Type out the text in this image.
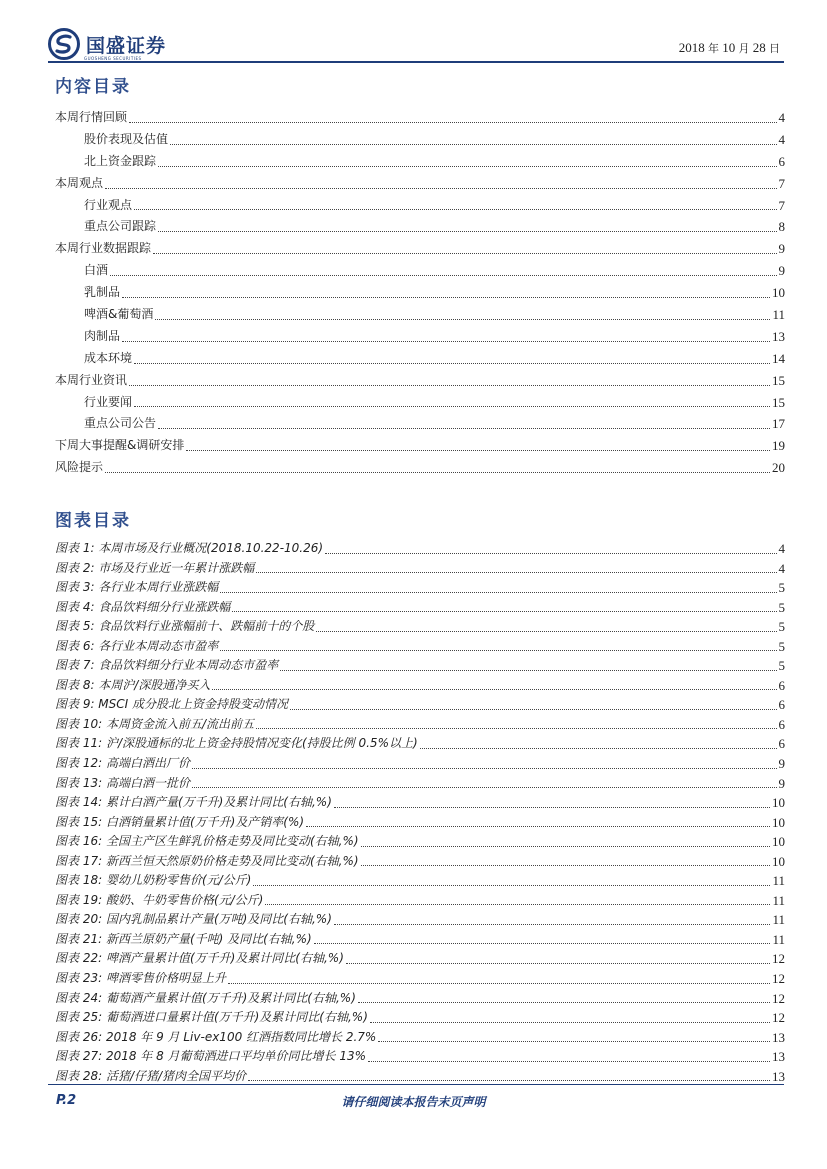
国盛证券
GUOSHENG SECURITIES
2018 年 10 月 28 日
内容目录
本周行情回顾	4
股价表现及估值	4
北上资金跟踪	6
本周观点	7
行业观点	7
重点公司跟踪	8
本周行业数据跟踪	9
白酒	9
乳制品	10
啤酒&葡萄酒	11
肉制品	13
成本环境	14
本周行业资讯	15
行业要闻	15
重点公司公告	17
下周大事提醒&调研安排	19
风险提示	20
图表目录
图表 1: 本周市场及行业概况(2018.10.22-10.26)	4
图表 2: 市场及行业近一年累计涨跌幅	4
图表 3: 各行业本周行业涨跌幅	5
图表 4: 食品饮料细分行业涨跌幅	5
图表 5: 食品饮料行业涨幅前十、跌幅前十的个股	5
图表 6: 各行业本周动态市盈率	5
图表 7: 食品饮料细分行业本周动态市盈率	5
图表 8: 本周沪/深股通净买入	6
图表 9: MSCI 成分股北上资金持股变动情况	6
图表 10: 本周资金流入前五/流出前五	6
图表 11: 沪/深股通标的北上资金持股情况变化(持股比例 0.5%以上)	6
图表 12: 高端白酒出厂价	9
图表 13: 高端白酒一批价	9
图表 14: 累计白酒产量(万千升)及累计同比(右轴,%)	10
图表 15: 白酒销量累计值(万千升)及产销率(%)	10
图表 16: 全国主产区生鲜乳价格走势及同比变动(右轴,%)	10
图表 17: 新西兰恒天然原奶价格走势及同比变动(右轴,%)	10
图表 18: 婴幼儿奶粉零售价(元/公斤)	11
图表 19: 酸奶、牛奶零售价格(元/公斤)	11
图表 20: 国内乳制品累计产量(万吨)及同比(右轴,%)	11
图表 21: 新西兰原奶产量(千吨) 及同比(右轴,%)	11
图表 22: 啤酒产量累计值(万千升)及累计同比(右轴,%)	12
图表 23: 啤酒零售价格明显上升	12
图表 24: 葡萄酒产量累计值(万千升)及累计同比(右轴,%)	12
图表 25: 葡萄酒进口量累计值(万千升)及累计同比(右轴,%)	12
图表 26: 2018 年 9 月 Liv-ex100 红酒指数同比增长 2.7%	13
图表 27: 2018 年 8 月葡萄酒进口平均单价同比增长 13%	13
图表 28: 活猪/仔猪/猪肉全国平均价	13
请仔细阅读本报告末页声明
P.2
